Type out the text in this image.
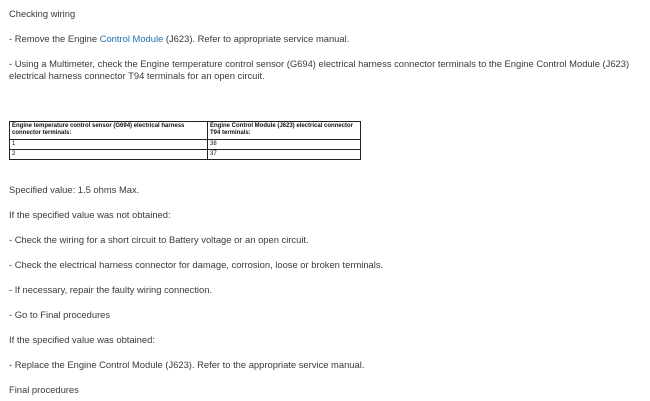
Checking wiring

- Remove the Engine Control Module (J623). Refer to appropriate service manual.

- Using a Multimeter, check the Engine temperature control sensor (G694) electrical harness connector terminals to the Engine Control Module (J623)

electrical harness connector T94 terminals for an open circuit.

Engine temperature control sensor (G694) electrical harness connector terminals:	Engine Control Module (J623) electrical connector T94 terminals:
1	38
2	37

Specified value: 1.5 ohms Max.

If the specified value was not obtained:

- Check the wiring for a short circuit to Battery voltage or an open circuit.

- Check the electrical harness connector for damage, corrosion, loose or broken terminals.

- If necessary, repair the faulty wiring connection.

- Go to Final procedures

If the specified value was obtained:

- Replace the Engine Control Module (J623). Refer to the appropriate service manual.

Final procedures
